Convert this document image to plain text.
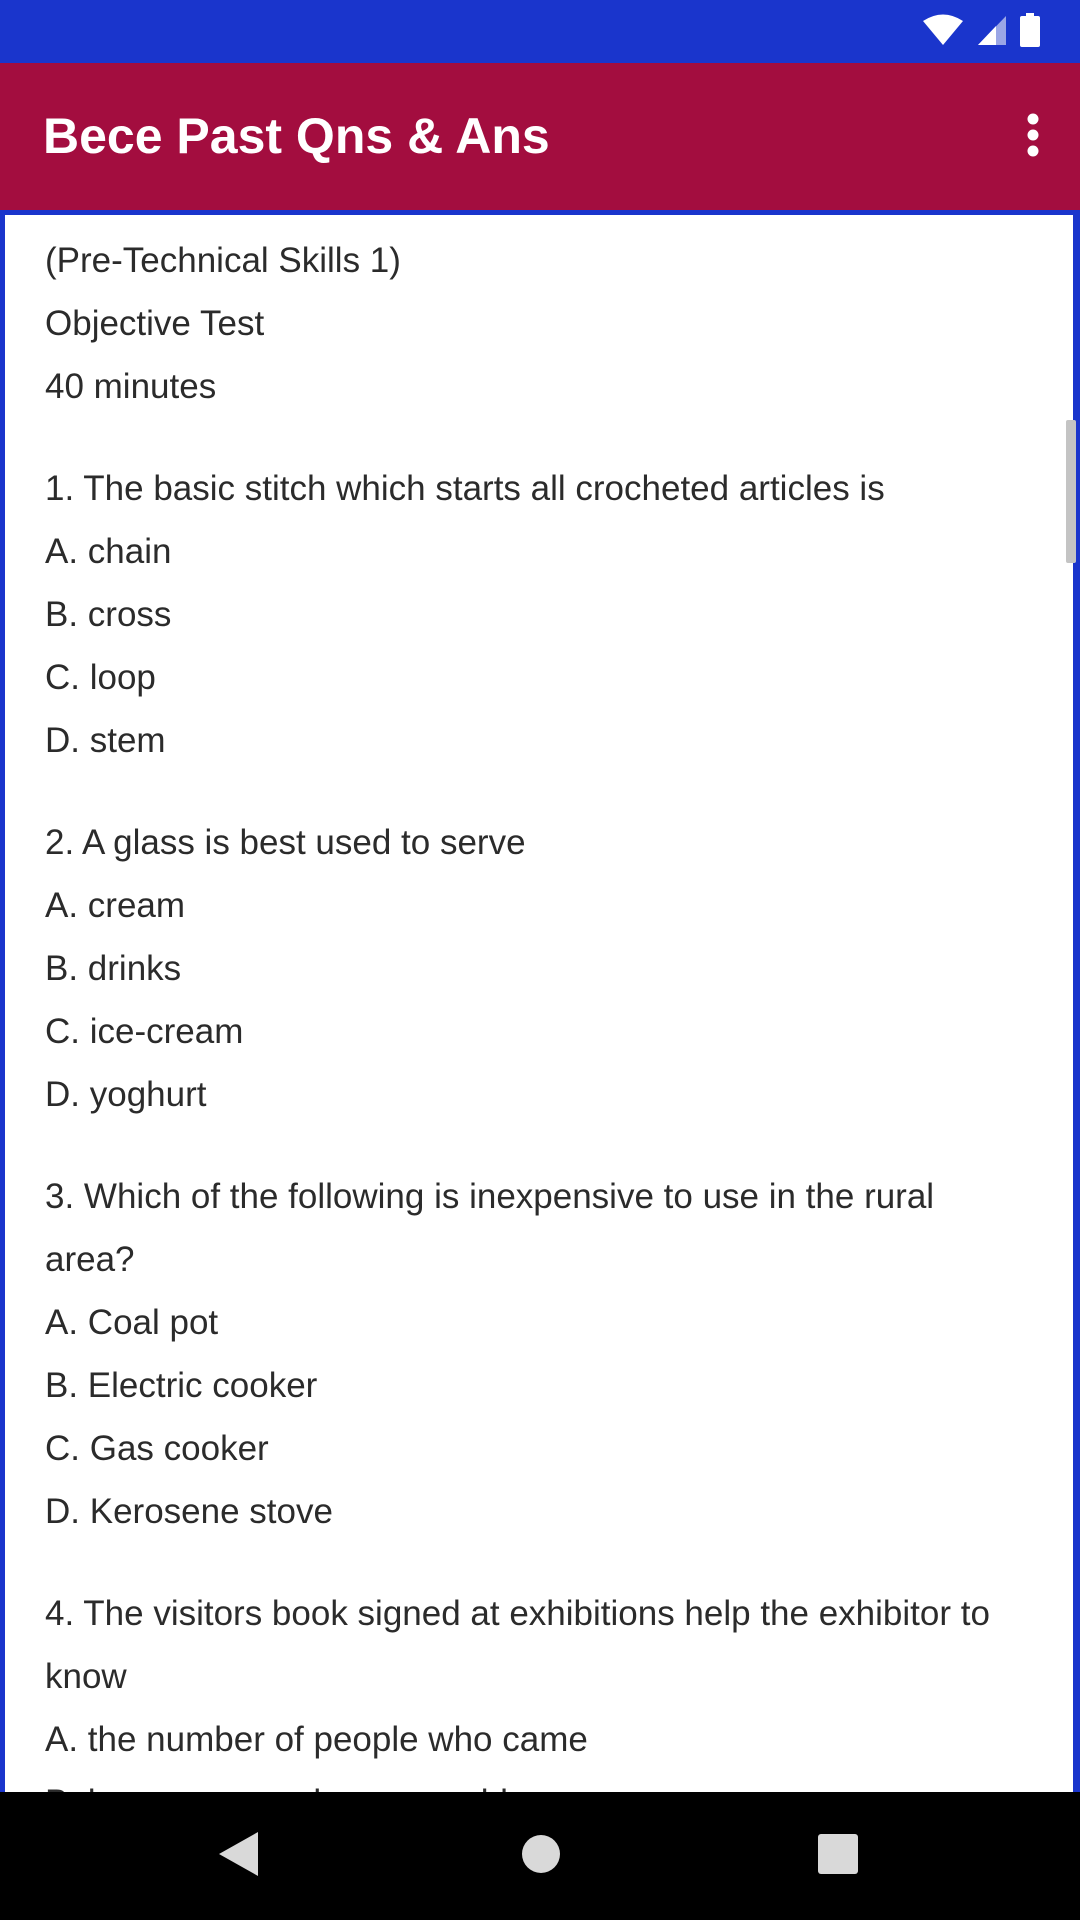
Bece Past Qns & Ans
(Pre-Technical Skills 1)
Objective Test
40 minutes
1. The basic stitch which starts all crocheted articles is
A. chain
B. cross
C. loop
D. stem
2. A glass is best used to serve
A. cream
B. drinks
C. ice-cream
D. yoghurt
3. Which of the following is inexpensive to use in the rural area?
A. Coal pot
B. Electric cooker
C. Gas cooker
D. Kerosene stove
4. The visitors book signed at exhibitions help the exhibitor to know
A. the number of people who came
